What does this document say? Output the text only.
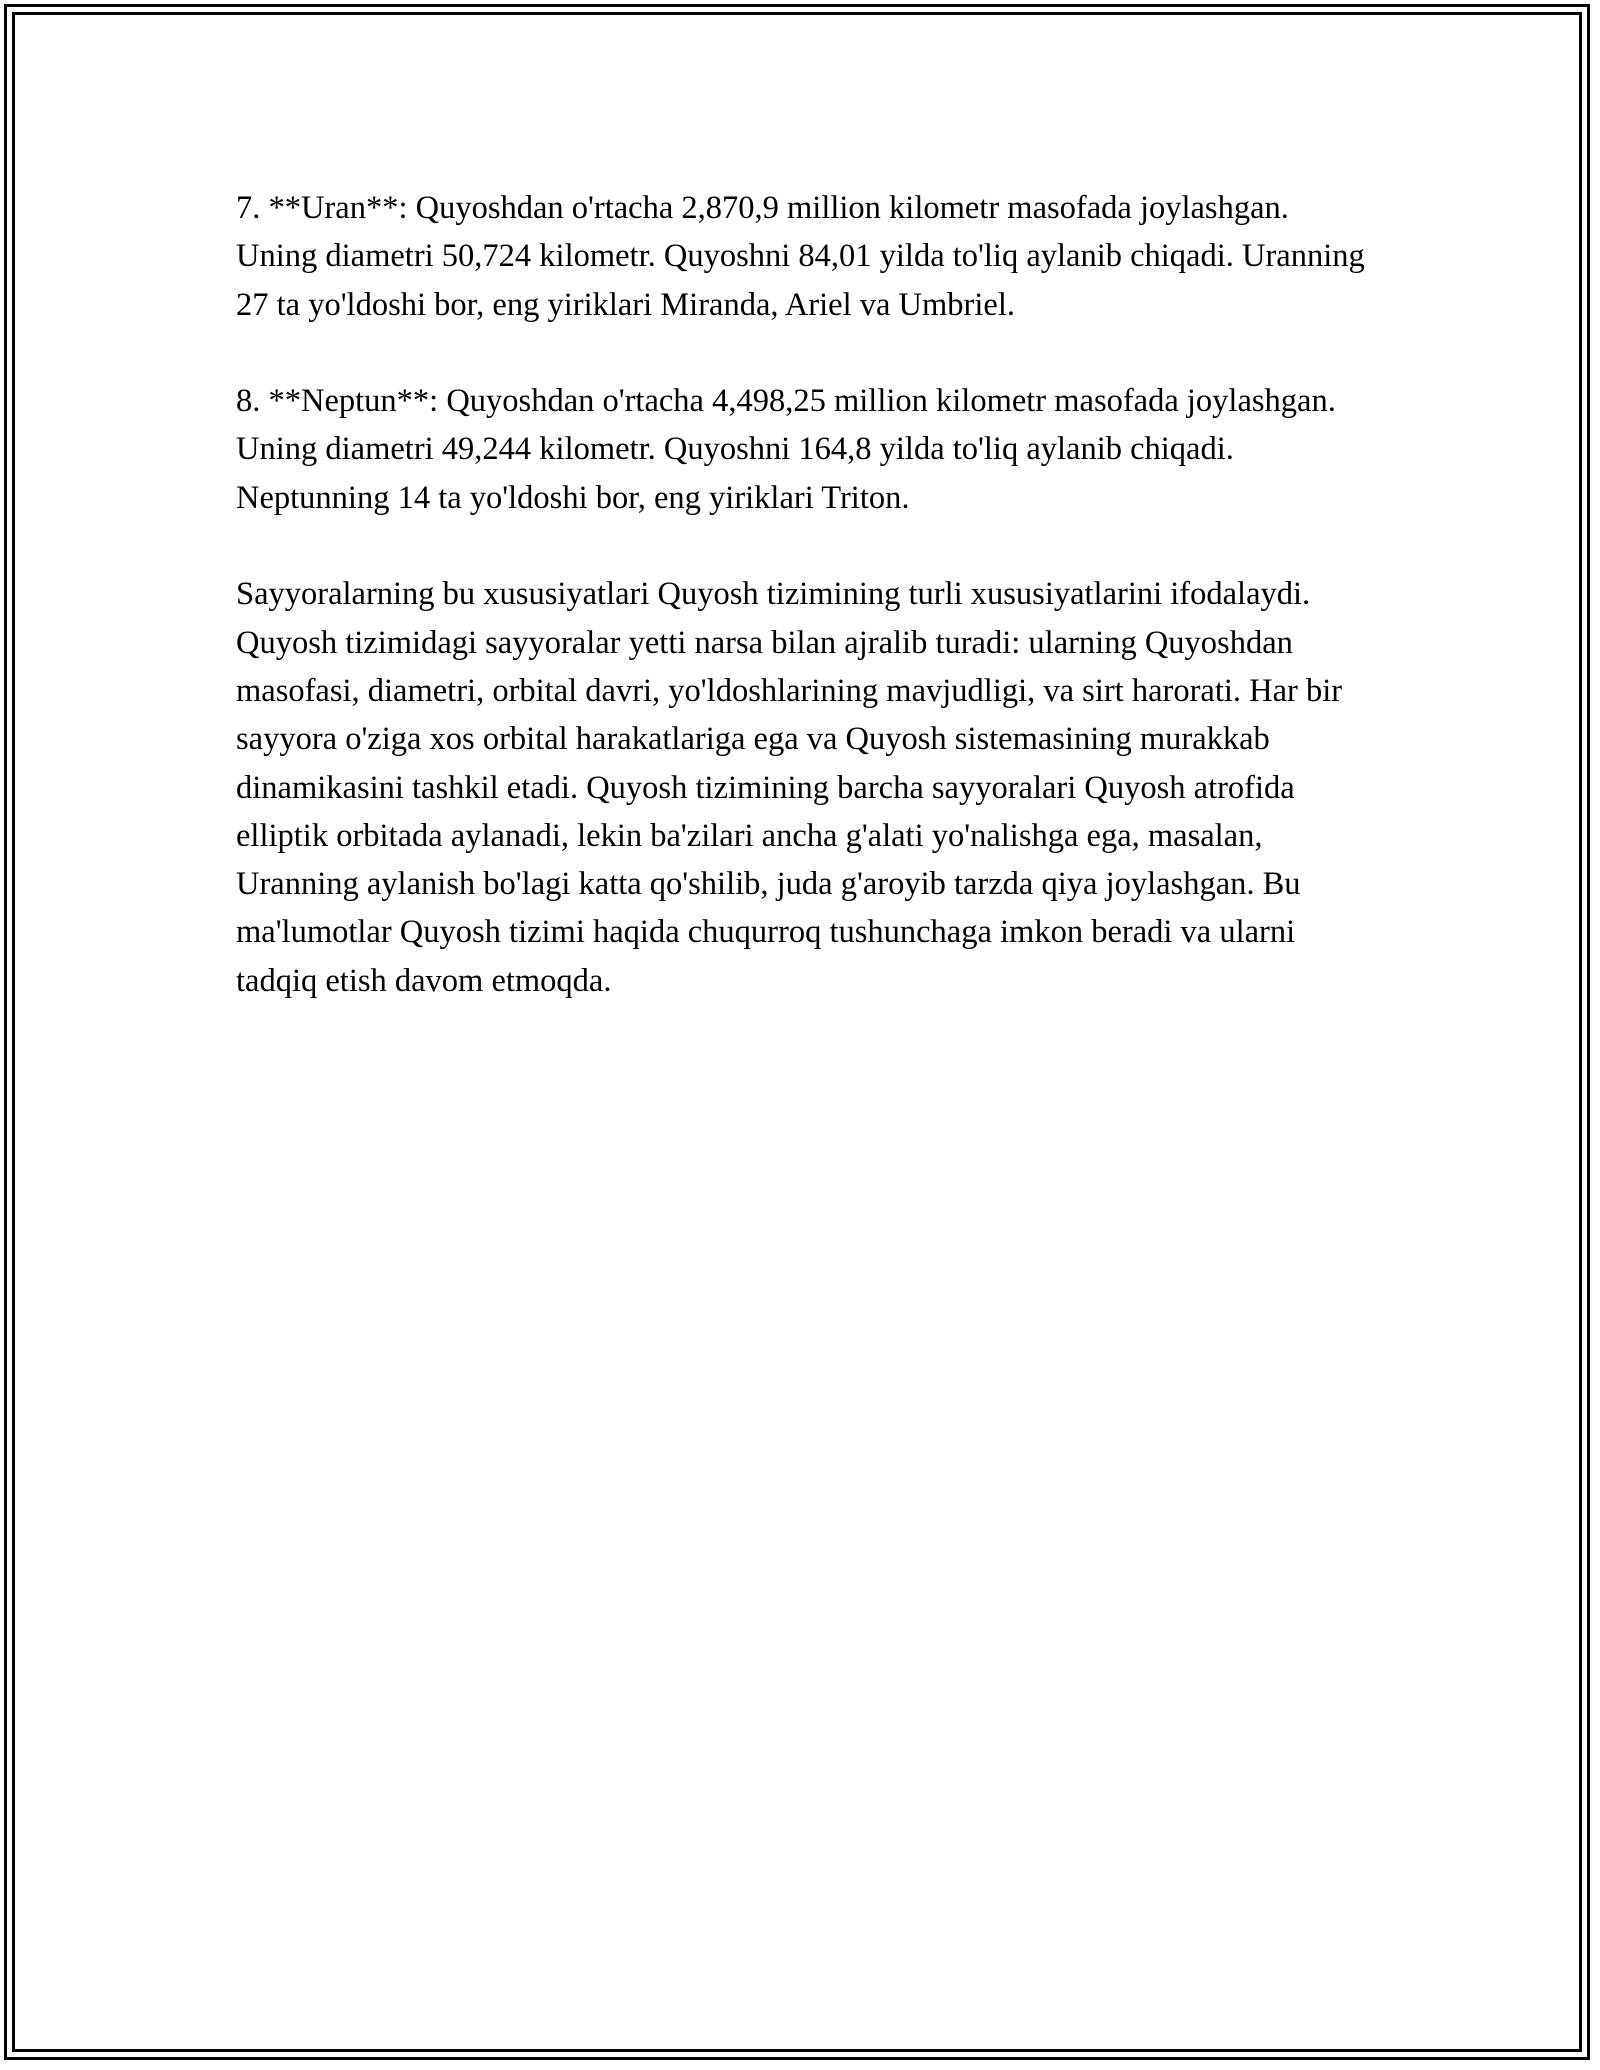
7. **Uran**: Quyoshdan o'rtacha 2,870,9 million kilometr masofada joylashgan. Uning diametri 50,724 kilometr. Quyoshni 84,01 yilda to'liq aylanib chiqadi. Uranning 27 ta yo'ldoshi bor, eng yiriklari Miranda, Ariel va Umbriel.

8. **Neptun**: Quyoshdan o'rtacha 4,498,25 million kilometr masofada joylashgan. Uning diametri 49,244 kilometr. Quyoshni 164,8 yilda to'liq aylanib chiqadi. Neptunning 14 ta yo'ldoshi bor, eng yiriklari Triton.

Sayyoralarning bu xususiyatlari Quyosh tizimining turli xususiyatlarini ifodalaydi. Quyosh tizimidagi sayyoralar yetti narsa bilan ajralib turadi: ularning Quyoshdan masofasi, diametri, orbital davri, yo'ldoshlarining mavjudligi, va sirt harorati. Har bir sayyora o'ziga xos orbital harakatlariga ega va Quyosh sistemasining murakkab dinamikasini tashkil etadi. Quyosh tizimining barcha sayyoralari Quyosh atrofida elliptik orbitada aylanadi, lekin ba'zilari ancha g'alati yo'nalishga ega, masalan, Uranning aylanish bo'lagi katta qo'shilib, juda g'aroyib tarzda qiya joylashgan. Bu ma'lumotlar Quyosh tizimi haqida chuqurroq tushunchaga imkon beradi va ularni tadqiq etish davom etmoqda.
